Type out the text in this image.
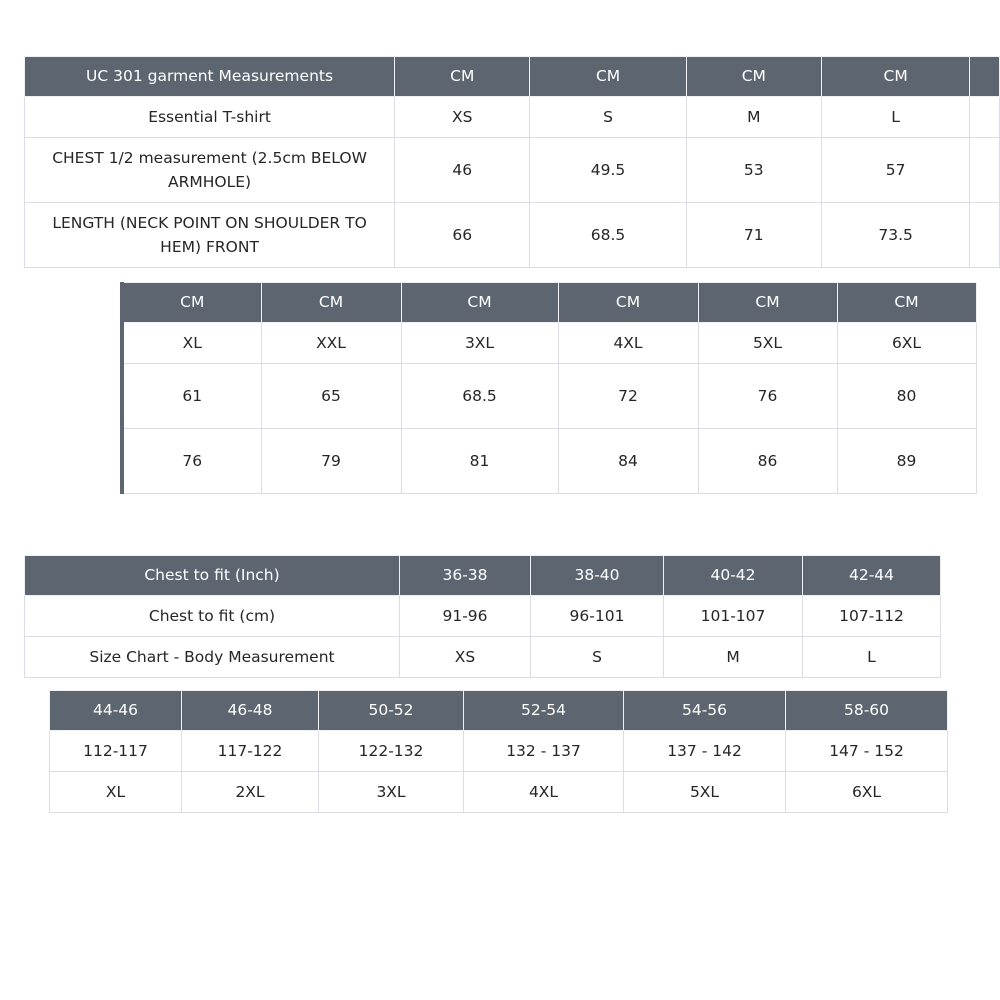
UC 301 garment Measurements	CM	CM	CM	CM	
Essential T-shirt	XS	S	M	L	
CHEST 1/2 measurement (2.5cm BELOW ARMHOLE)	46	49.5	53	57	
LENGTH (NECK POINT ON SHOULDER TO HEM) FRONT	66	68.5	71	73.5	
CM	CM	CM	CM	CM	CM
XL	XXL	3XL	4XL	5XL	6XL
61	65	68.5	72	76	80
76	79	81	84	86	89
Chest to fit (Inch)	36-38	38-40	40-42	42-44
Chest to fit (cm)	91-96	96-101	101-107	107-112
Size Chart - Body Measurement	XS	S	M	L
44-46	46-48	50-52	52-54	54-56	58-60
112-117	117-122	122-132	132 - 137	137 - 142	147 - 152
XL	2XL	3XL	4XL	5XL	6XL
